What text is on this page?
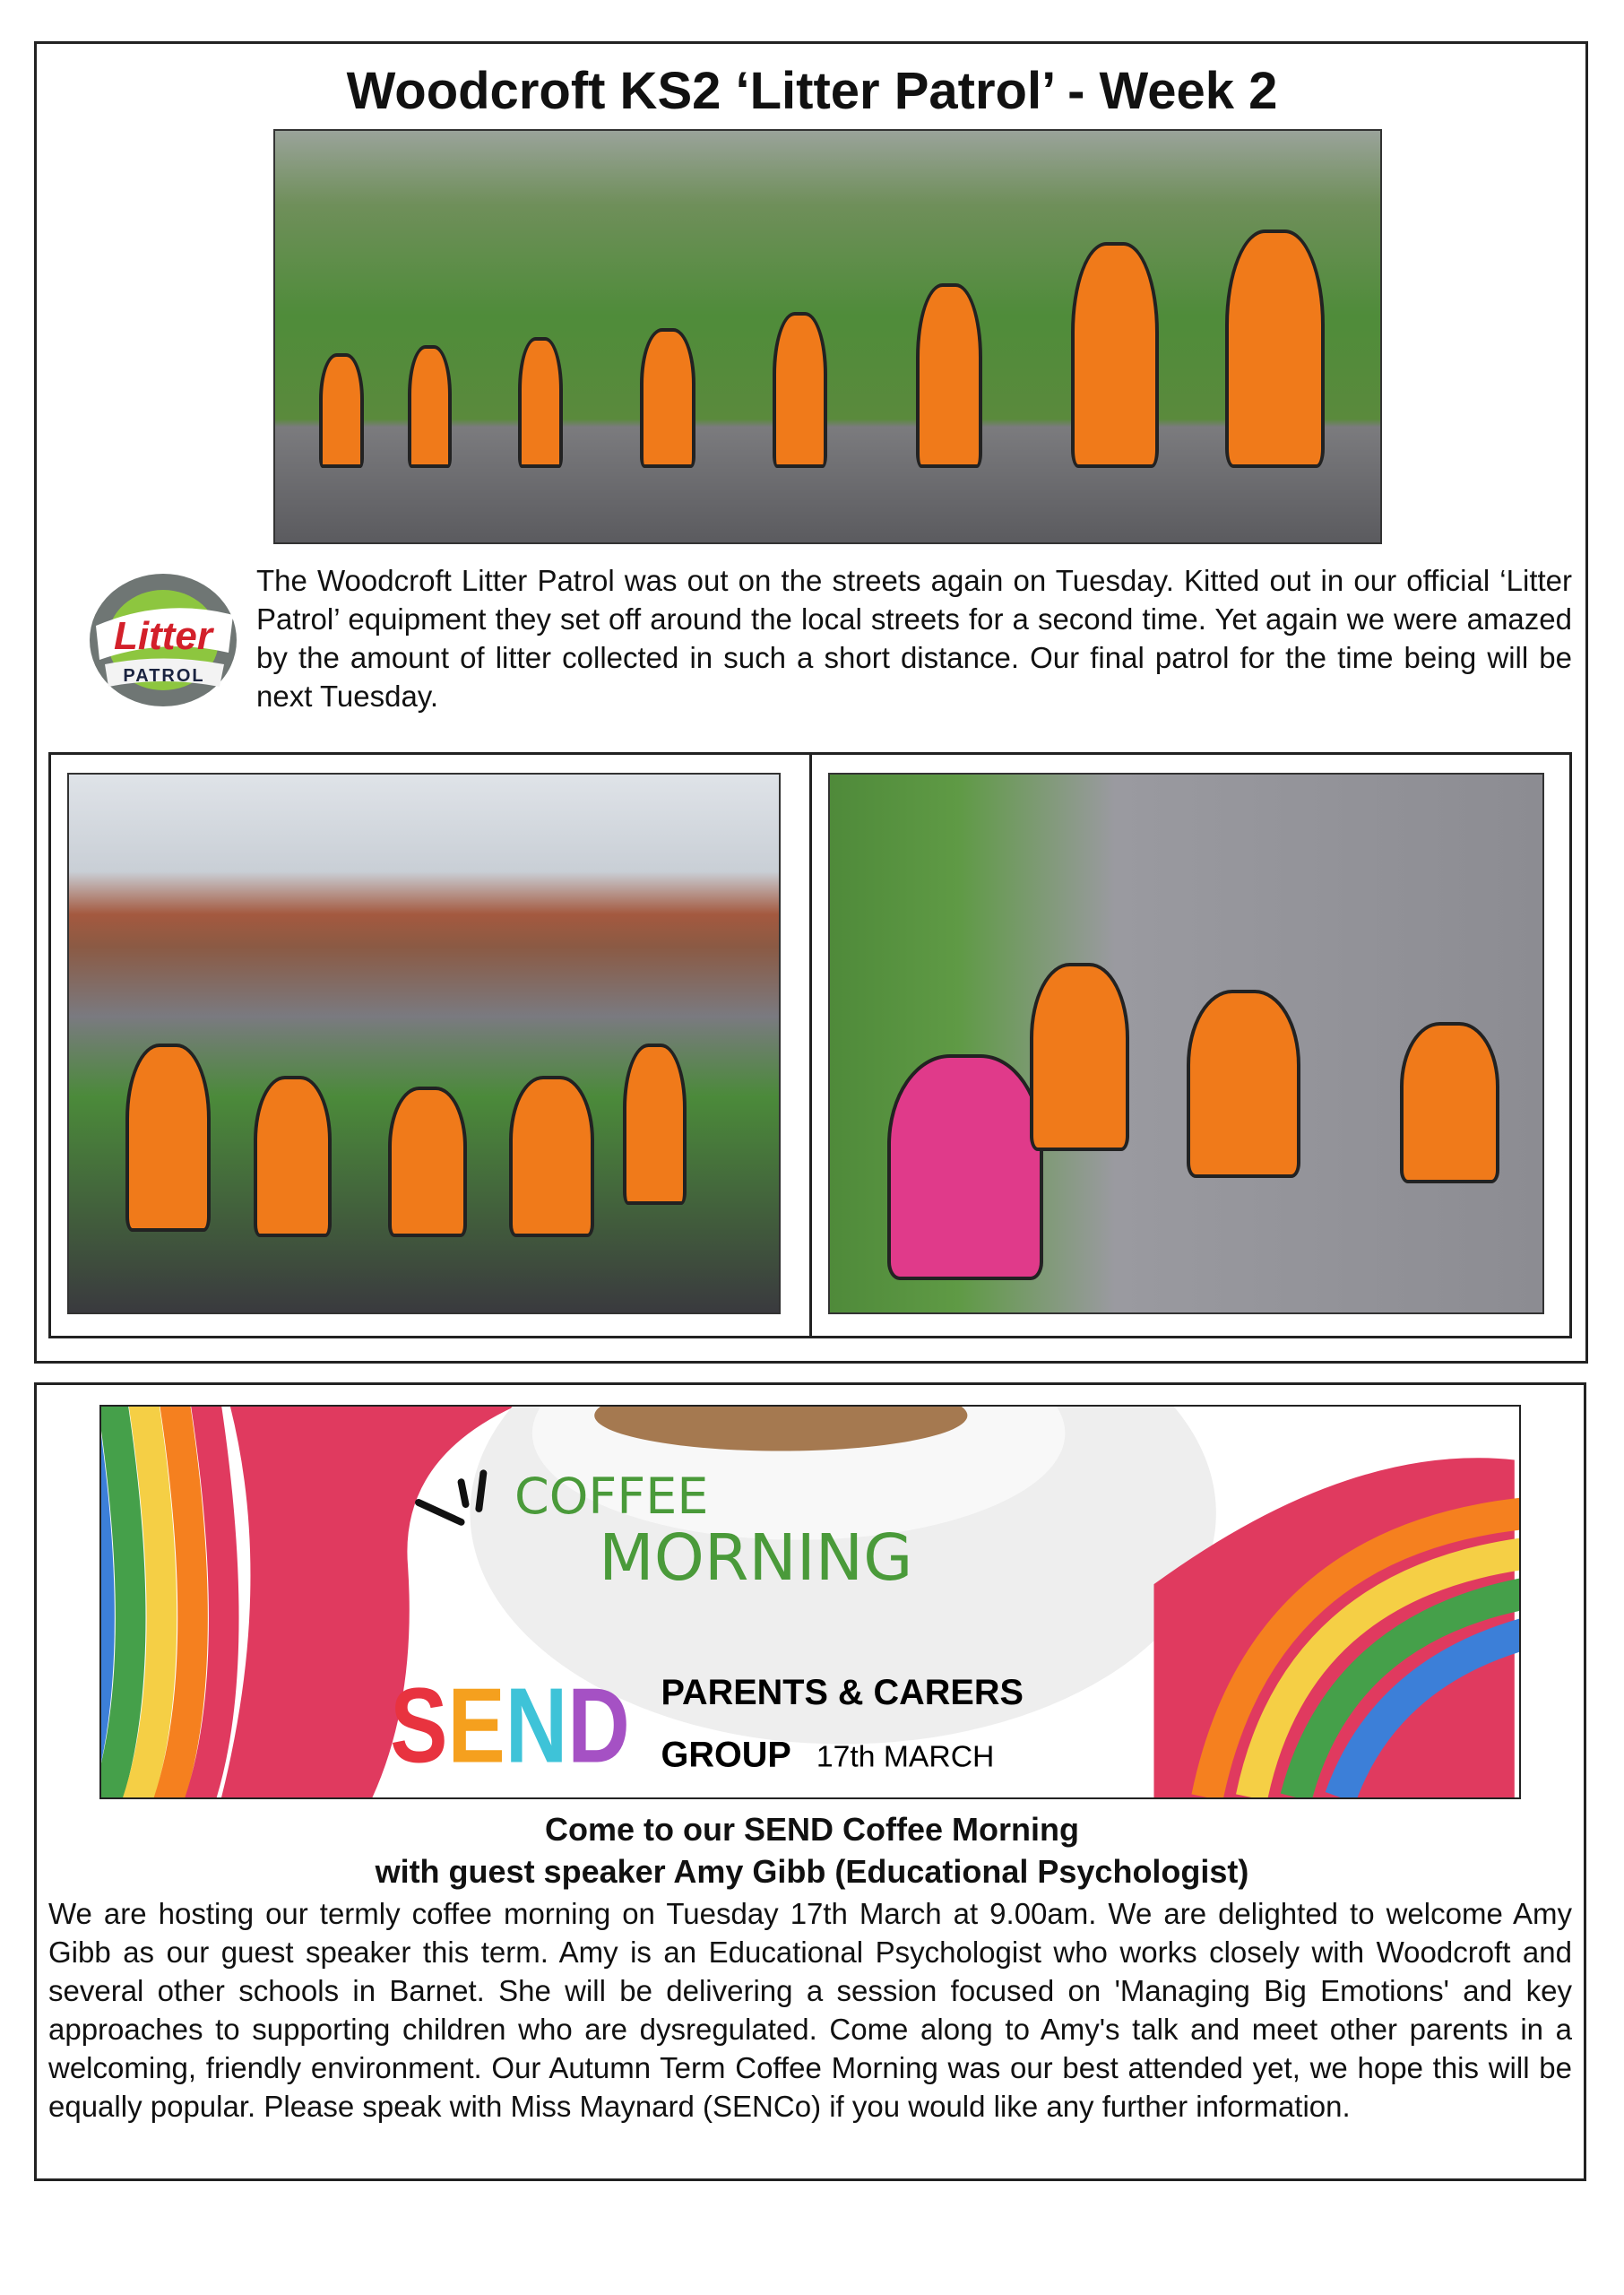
Woodcroft KS2 ‘Litter Patrol’ - Week 2
Litter
PATROL

The Woodcroft Litter Patrol was out on the streets again on Tuesday. Kitted out in our official ‘Litter Patrol’ equipment they set off around the local streets for a second time. Yet again we were amazed by the amount of litter collected in such a short distance. Our final patrol for the time being will be next Tuesday.

COFFEE
MORNING
SEND PARENTS & CARERS
GROUP 17th MARCH
Come to our SEND Coffee Morning
with guest speaker Amy Gibb (Educational Psychologist)

We are hosting our termly coffee morning on Tuesday 17th March at 9.00am. We are delighted to welcome Amy Gibb as our guest speaker this term. Amy is an Educational Psychologist who works closely with Woodcroft and several other schools in Barnet. She will be delivering a session focused on 'Managing Big Emotions' and key approaches to supporting children who are dysregulated. Come along to Amy's talk and meet other parents in a welcoming, friendly environment. Our Autumn Term Coffee Morning was our best attended yet, we hope this will be equally popular. Please speak with Miss Maynard (SENCo) if you would like any further information.
